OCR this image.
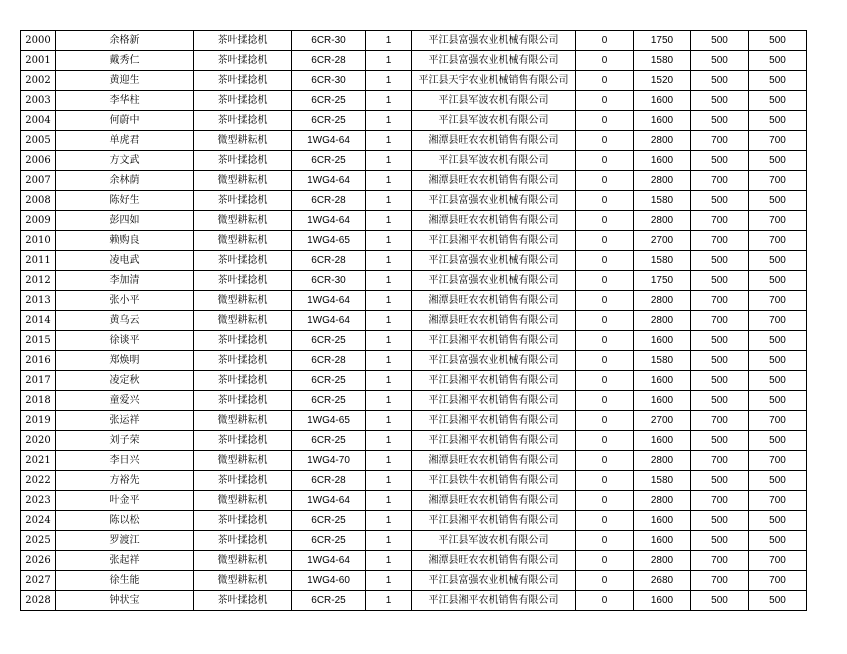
2000	余格新	茶叶揉捻机	6CR-30	1	平江县富强农业机械有限公司	0	1750	500	500
2001	戴秀仁	茶叶揉捻机	6CR-28	1	平江县富强农业机械有限公司	0	1580	500	500
2002	黄迎生	茶叶揉捻机	6CR-30	1	平江县天宇农业机械销售有限公司	0	1520	500	500
2003	李华柱	茶叶揉捻机	6CR-25	1	平江县军波农机有限公司	0	1600	500	500
2004	何蔚中	茶叶揉捻机	6CR-25	1	平江县军波农机有限公司	0	1600	500	500
2005	单虎君	微型耕耘机	1WG4-64	1	湘潭县旺农农机销售有限公司	0	2800	700	700
2006	方文武	茶叶揉捻机	6CR-25	1	平江县军波农机有限公司	0	1600	500	500
2007	余林荫	微型耕耘机	1WG4-64	1	湘潭县旺农农机销售有限公司	0	2800	700	700
2008	陈好生	茶叶揉捻机	6CR-28	1	平江县富强农业机械有限公司	0	1580	500	500
2009	彭四如	微型耕耘机	1WG4-64	1	湘潭县旺农农机销售有限公司	0	2800	700	700
2010	赖购良	微型耕耘机	1WG4-65	1	平江县湘平农机销售有限公司	0	2700	700	700
2011	凌电武	茶叶揉捻机	6CR-28	1	平江县富强农业机械有限公司	0	1580	500	500
2012	李加清	茶叶揉捻机	6CR-30	1	平江县富强农业机械有限公司	0	1750	500	500
2013	张小平	微型耕耘机	1WG4-64	1	湘潭县旺农农机销售有限公司	0	2800	700	700
2014	黄乌云	微型耕耘机	1WG4-64	1	湘潭县旺农农机销售有限公司	0	2800	700	700
2015	徐谈平	茶叶揉捻机	6CR-25	1	平江县湘平农机销售有限公司	0	1600	500	500
2016	郑焕明	茶叶揉捻机	6CR-28	1	平江县富强农业机械有限公司	0	1580	500	500
2017	凌定秋	茶叶揉捻机	6CR-25	1	平江县湘平农机销售有限公司	0	1600	500	500
2018	童爱兴	茶叶揉捻机	6CR-25	1	平江县湘平农机销售有限公司	0	1600	500	500
2019	张运祥	微型耕耘机	1WG4-65	1	平江县湘平农机销售有限公司	0	2700	700	700
2020	刘子荣	茶叶揉捻机	6CR-25	1	平江县湘平农机销售有限公司	0	1600	500	500
2021	李日兴	微型耕耘机	1WG4-70	1	湘潭县旺农农机销售有限公司	0	2800	700	700
2022	方裕先	茶叶揉捻机	6CR-28	1	平江县铁牛农机销售有限公司	0	1580	500	500
2023	叶金平	微型耕耘机	1WG4-64	1	湘潭县旺农农机销售有限公司	0	2800	700	700
2024	陈以松	茶叶揉捻机	6CR-25	1	平江县湘平农机销售有限公司	0	1600	500	500
2025	罗渡江	茶叶揉捻机	6CR-25	1	平江县军波农机有限公司	0	1600	500	500
2026	张起祥	微型耕耘机	1WG4-64	1	湘潭县旺农农机销售有限公司	0	2800	700	700
2027	徐生能	微型耕耘机	1WG4-60	1	平江县富强农业机械有限公司	0	2680	700	700
2028	钟状宝	茶叶揉捻机	6CR-25	1	平江县湘平农机销售有限公司	0	1600	500	500
